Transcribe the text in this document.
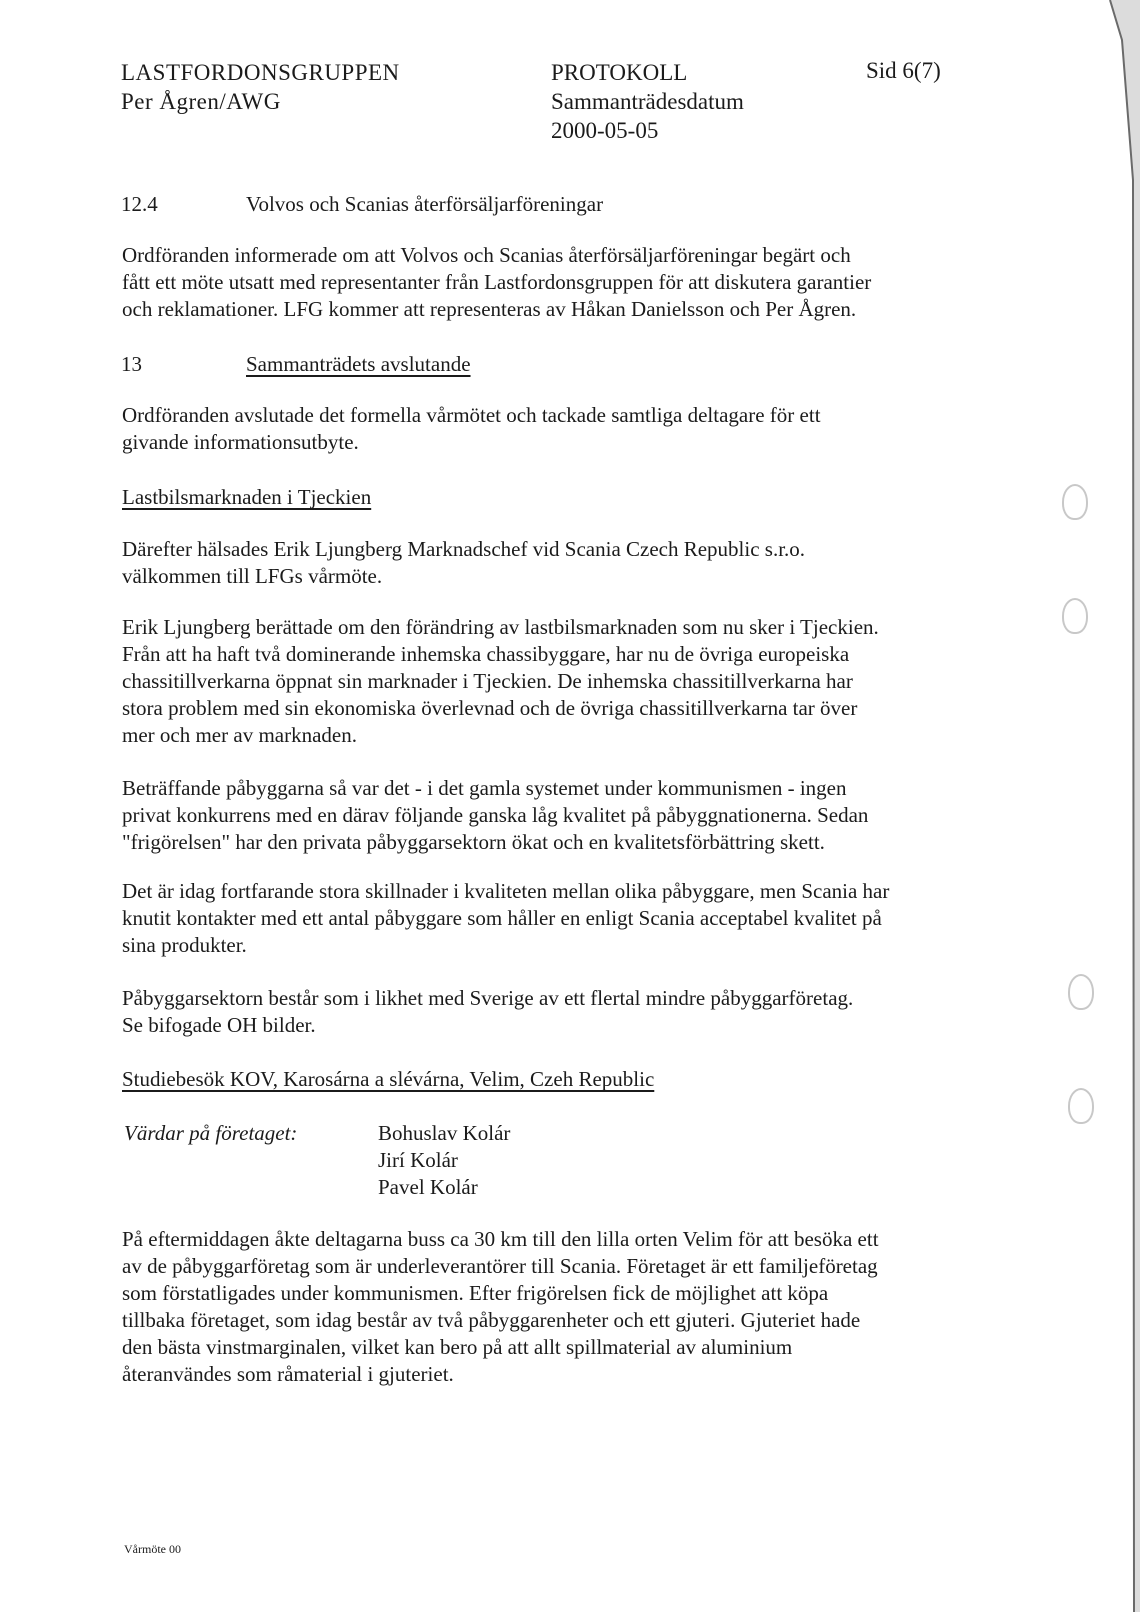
LASTFORDONSGRUPPEN
Per Ågren/AWG
PROTOKOLL
Sammanträdesdatum
2000-05-05
Sid 6(7)
12.4	Volvos och Scanias återförsäljarföreningar
Ordföranden informerade om att Volvos och Scanias återförsäljarföreningar begärt och
fått ett möte utsatt med representanter från Lastfordonsgruppen för att diskutera garantier
och reklamationer. LFG kommer att representeras av Håkan Danielsson och Per Ågren.
13	Sammanträdets avslutande
Ordföranden avslutade det formella vårmötet och tackade samtliga deltagare för ett
givande informationsutbyte.
Lastbilsmarknaden i Tjeckien
Därefter hälsades Erik Ljungberg Marknadschef vid Scania Czech Republic s.r.o.
välkommen till LFGs vårmöte.
Erik Ljungberg berättade om den förändring av lastbilsmarknaden som nu sker i Tjeckien.
Från att ha haft två dominerande inhemska chassibyggare, har nu de övriga europeiska
chassitillverkarna öppnat sin marknader i Tjeckien. De inhemska chassitillverkarna har
stora problem med sin ekonomiska överlevnad och de övriga chassitillverkarna tar över
mer och mer av marknaden.
Beträffande påbyggarna så var det - i det gamla systemet under kommunismen - ingen
privat konkurrens med en därav följande ganska låg kvalitet på påbyggnationerna. Sedan
"frigörelsen" har den privata påbyggarsektorn ökat och en kvalitetsförbättring skett.
Det är idag fortfarande stora skillnader i kvaliteten mellan olika påbyggare, men Scania har
knutit kontakter med ett antal påbyggare som håller en enligt Scania acceptabel kvalitet på
sina produkter.
Påbyggarsektorn består som i likhet med Sverige av ett flertal mindre påbyggarföretag.
Se bifogade OH bilder.
Studiebesök KOV, Karosárna a slévárna, Velim, Czeh Republic
Värdar på företaget:	Bohuslav Kolár
Jirí Kolár
Pavel Kolár
På eftermiddagen åkte deltagarna buss ca 30 km till den lilla orten Velim för att besöka ett
av de påbyggarföretag som är underleverantörer till Scania. Företaget är ett familjeföretag
som förstatligades under kommunismen. Efter frigörelsen fick de möjlighet att köpa
tillbaka företaget, som idag består av två påbyggarenheter och ett gjuteri. Gjuteriet hade
den bästa vinstmarginalen, vilket kan bero på att allt spillmaterial av aluminium
återanvändes som råmaterial i gjuteriet.
Vårmöte 00
